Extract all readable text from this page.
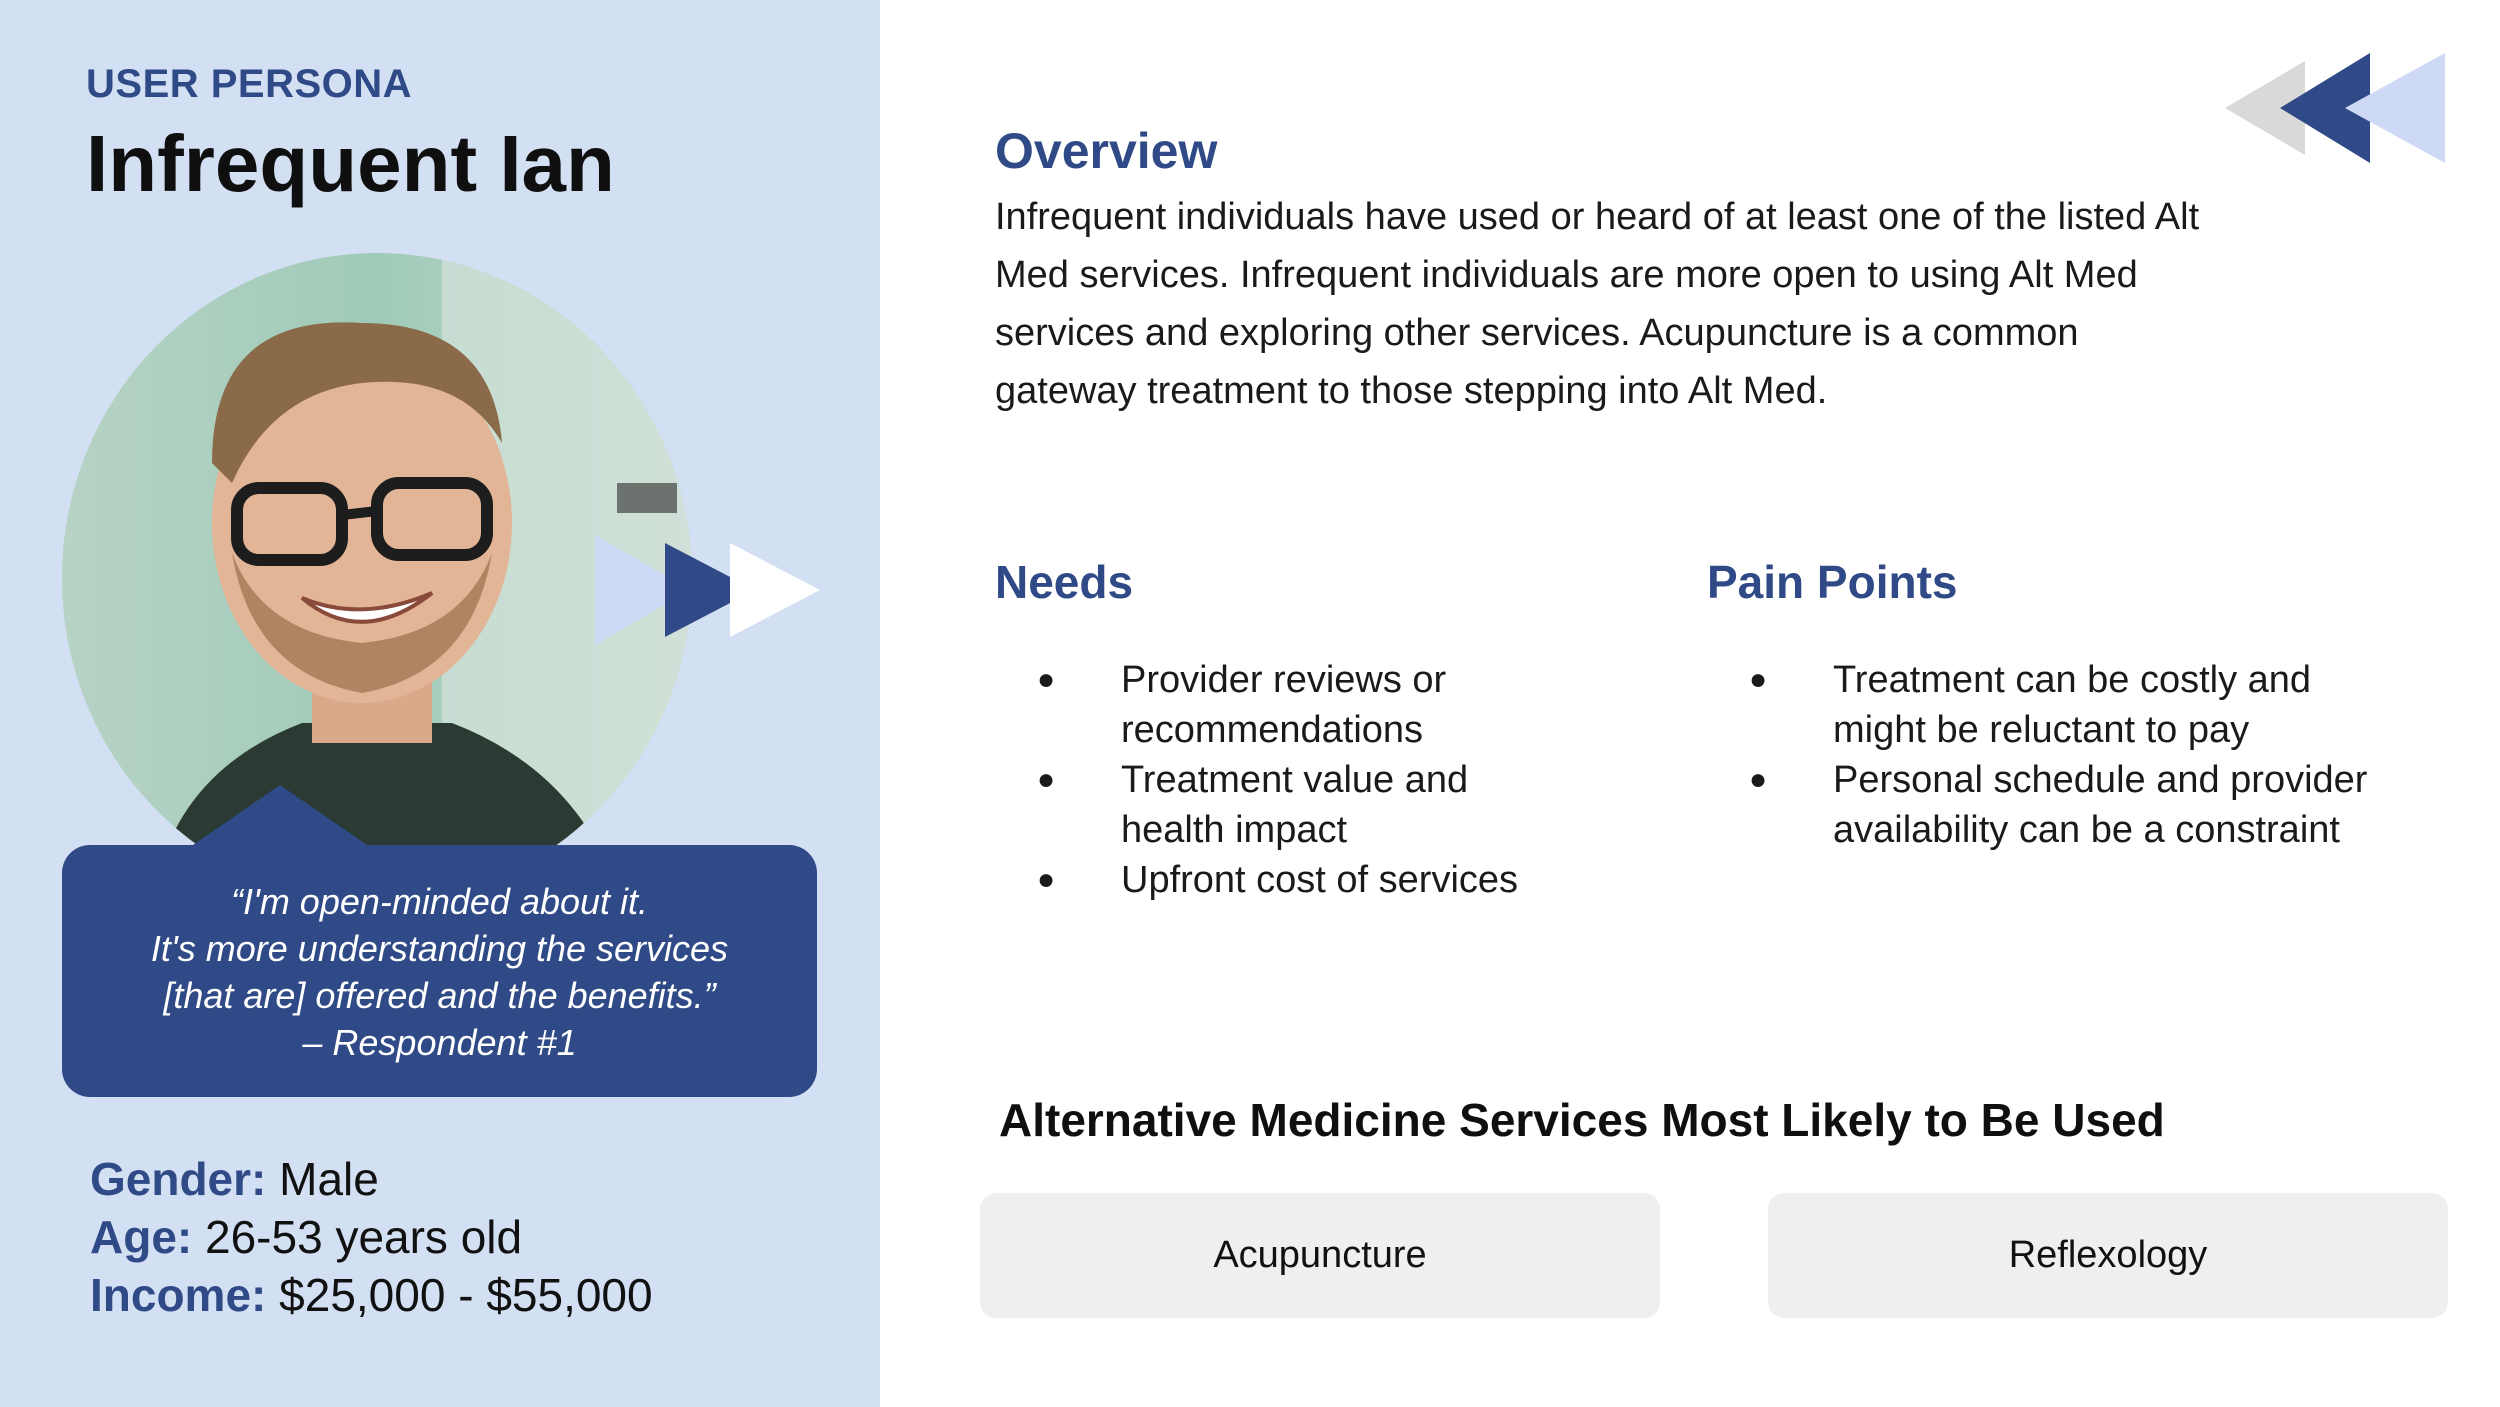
USER PERSONA
Infrequent Ian
“I'm open-minded about it.
It's more understanding the services
[that are] offered and the benefits.”
– Respondent #1
Gender: Male
Age: 26-53 years old
Income: $25,000 - $55,000
Overview
Infrequent individuals have used or heard of at least one of the listed Alt
Med services. Infrequent individuals are more open to using Alt Med
services and exploring other services. Acupuncture is a common
gateway treatment to those stepping into Alt Med.
Needs
● Provider reviews or
recommendations
● Treatment value and
health impact
● Upfront cost of services
Pain Points
● Treatment can be costly and
might be reluctant to pay
● Personal schedule and provider
availability can be a constraint
Alternative Medicine Services Most Likely to Be Used
Acupuncture	Reflexology
